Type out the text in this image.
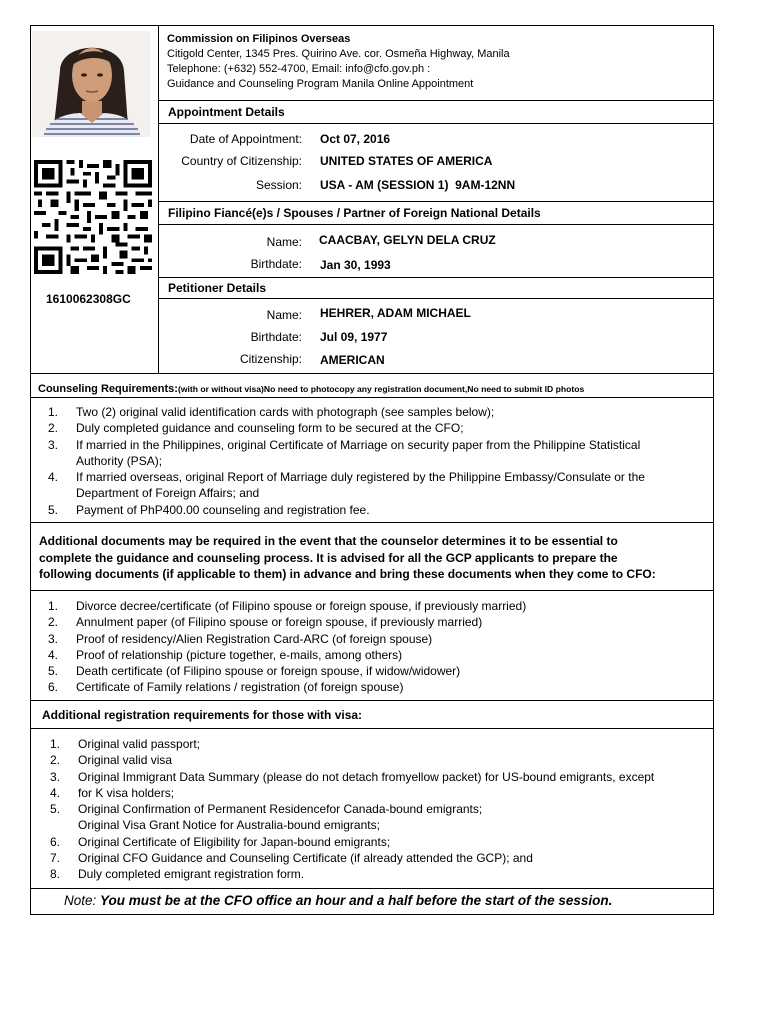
1610062308GC
Commission on Filipinos Overseas
Citigold Center, 1345 Pres. Quirino Ave. cor. Osmeña Highway, Manila
Telephone: (+632) 552-4700, Email: info@cfo.gov.ph :
Guidance and Counseling Program Manila Online Appointment
Appointment Details
Date of Appointment: Oct 07, 2016
Country of Citizenship: UNITED STATES OF AMERICA
Session: USA - AM (SESSION 1)  9AM-12NN
Filipino Fiancé(e)s / Spouses / Partner of Foreign National Details
Name: CAACBAY, GELYN DELA CRUZ
Birthdate: Jan 30, 1993
Petitioner Details
Name: HEHRER, ADAM MICHAEL
Birthdate: Jul 09, 1977
Citizenship: AMERICAN
Counseling Requirements:(with or without visa)No need to photocopy any registration document,No need to submit ID photos
1. Two (2) original valid identification cards with photograph (see samples below);
2. Duly completed guidance and counseling form to be secured at the CFO;
3. If married in the Philippines, original Certificate of Marriage on security paper from the Philippine Statistical
Authority (PSA);
4. If married overseas, original Report of Marriage duly registered by the Philippine Embassy/Consulate or the
Department of Foreign Affairs; and
5. Payment of PhP400.00 counseling and registration fee.
Additional documents may be required in the event that the counselor determines it to be essential to
complete the guidance and counseling process. It is advised for all the GCP applicants to prepare the
following documents (if applicable to them) in advance and bring these documents when they come to CFO:
1. Divorce decree/certificate (of Filipino spouse or foreign spouse, if previously married)
2. Annulment paper (of Filipino spouse or foreign spouse, if previously married)
3. Proof of residency/Alien Registration Card-ARC (of foreign spouse)
4. Proof of relationship (picture together, e-mails, among others)
5. Death certificate (of Filipino spouse or foreign spouse, if widow/widower)
6. Certificate of Family relations / registration (of foreign spouse)
Additional registration requirements for those with visa:
1. Original valid passport;
2. Original valid visa
3. Original Immigrant Data Summary (please do not detach fromyellow packet) for US-bound emigrants, except
4. for K visa holders;
5. Original Confirmation of Permanent Residencefor Canada-bound emigrants;
Original Visa Grant Notice for Australia-bound emigrants;
6. Original Certificate of Eligibility for Japan-bound emigrants;
7. Original CFO Guidance and Counseling Certificate (if already attended the GCP); and
8. Duly completed emigrant registration form.
Note: You must be at the CFO office an hour and a half before the start of the session.
